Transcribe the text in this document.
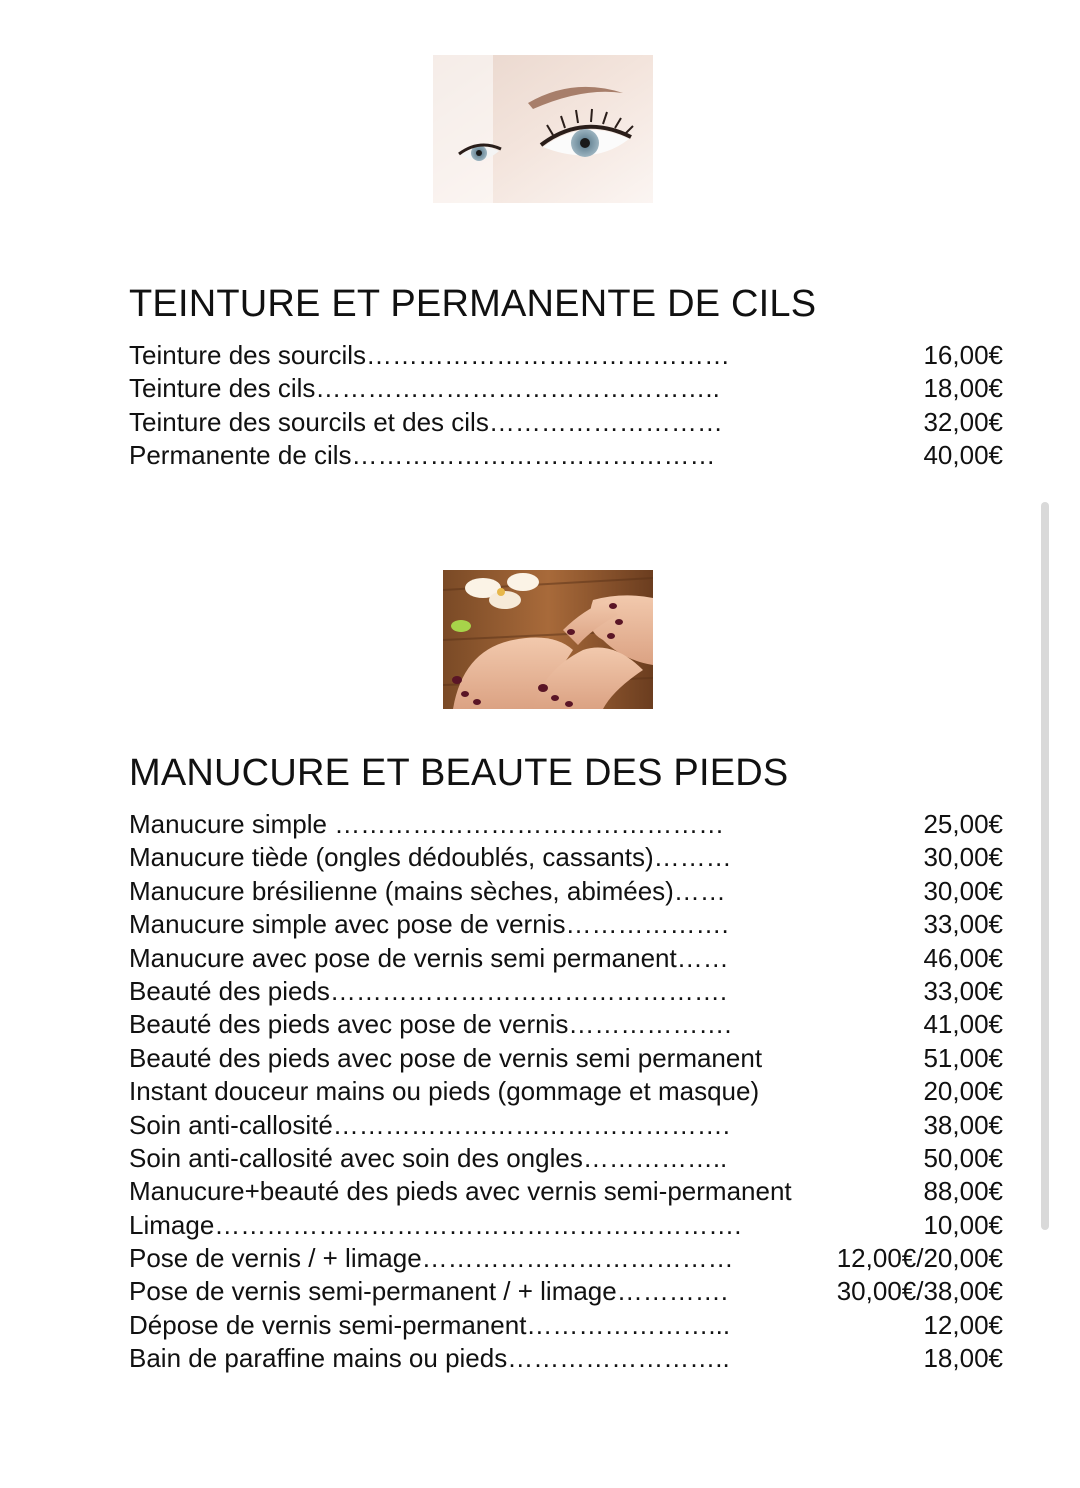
TEINTURE ET PERMANENTE DE CILS
Teinture des sourcils……………………………………	16,00€
Teinture des cils………………………………………..	18,00€
Teinture des sourcils et des cils………………………	32,00€
Permanente de cils……………………………………	40,00€
MANUCURE ET BEAUTE DES PIEDS
Manucure simple ………………………………………	25,00€
Manucure tiède (ongles dédoublés, cassants)………	30,00€
Manucure brésilienne (mains sèches, abimées)……	30,00€
Manucure simple avec pose de vernis……………….	33,00€
Manucure avec pose de vernis semi permanent……	46,00€
Beauté des pieds……………………………………….	33,00€
Beauté des pieds avec pose de vernis……………….	41,00€
Beauté des pieds avec pose de vernis semi permanent	51,00€
Instant douceur mains ou pieds (gommage et masque)	20,00€
Soin anti-callosité……………………………………….	38,00€
Soin anti-callosité avec soin des ongles……………..	50,00€
Manucure+beauté des pieds avec vernis semi-permanent	88,00€
Limage…………………………………………………….	10,00€
Pose de vernis / + limage………………………………	12,00€/20,00€
Pose de vernis semi-permanent / + limage………….	30,00€/38,00€
Dépose de vernis semi-permanent…………………...	12,00€
Bain de paraffine mains ou pieds……………………..	18,00€
